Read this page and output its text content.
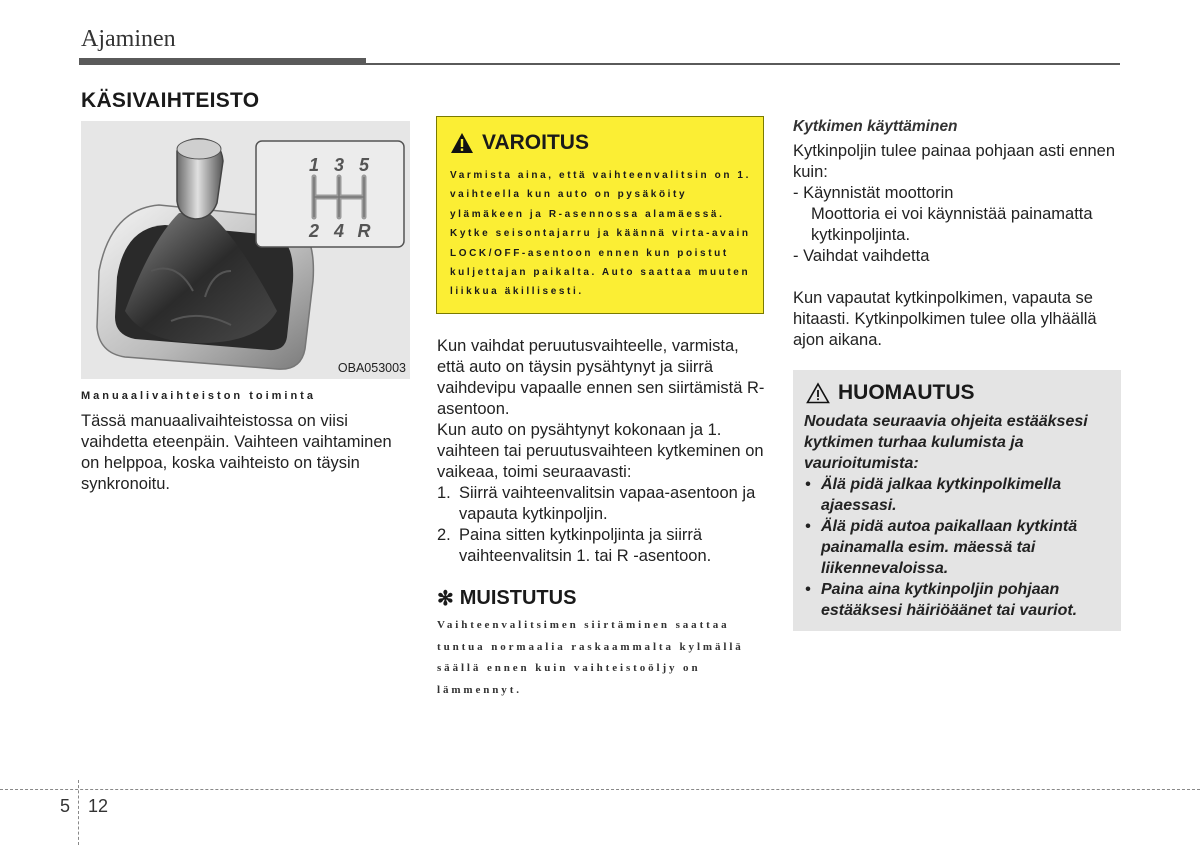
Ajaminen
KÄSIVAIHTEISTO
1 3 5
2 4 R
OBA053003
Manuaalivaihteiston toiminta
Tässä manuaalivaihteistossa on viisi vaihdetta eteenpäin. Vaihteen vaihtaminen on helppoa, koska vaihteisto on täysin synkronoitu.
VAROITUS
Varmista aina, että vaihteenvalitsin on 1. vaihteella kun auto on pysäköity ylämäkeen ja R-asennossa alamäessä. Kytke seisontajarru ja käännä virta-avain LOCK/OFF-asentoon ennen kun poistut kuljettajan paikalta. Auto saattaa muuten liikkua äkillisesti.

Kun vaihdat peruutusvaihteelle, varmista, että auto on täysin pysähtynyt ja siirrä vaihdevipu vapaalle ennen sen siirtämistä R-asentoon.

Kun auto on pysähtynyt kokonaan ja 1. vaihteen tai peruutusvaihteen kytkeminen on vaikeaa, toimi seuraavasti:

1. Siirrä vaihteenvalitsin vapaa-asentoon ja vapauta kytkinpoljin.
2. Paina sitten kytkinpoljinta ja siirrä vaihteenvalitsin 1. tai R -asentoon.
✻ MUISTUTUS
Vaihteenvalitsimen siirtäminen saattaa tuntua normaalia raskaammalta kylmällä säällä ennen kuin vaihteistoöljy on lämmennyt.
Kytkimen käyttäminen

Kytkinpoljin tulee painaa pohjaan asti ennen kuin:

- Käynnistät moottorin

Moottoria ei voi käynnistää painamatta kytkinpoljinta.

- Vaihdat vaihdetta

Kun vapautat kytkinpolkimen, vapauta se hitaasti. Kytkinpolkimen tulee olla ylhäällä ajon aikana.

HUOMAUTUS

Noudata seuraavia ohjeita estääksesi kytkimen turhaa kulumista ja vaurioitumista:

• Älä pidä jalkaa kytkinpolkimella ajaessasi.
• Älä pidä autoa paikallaan kytkintä painamalla esim. mäessä tai liikennevaloissa.
• Paina aina kytkinpoljin pohjaan estääksesi häiriöäänet tai vauriot.
5 12
